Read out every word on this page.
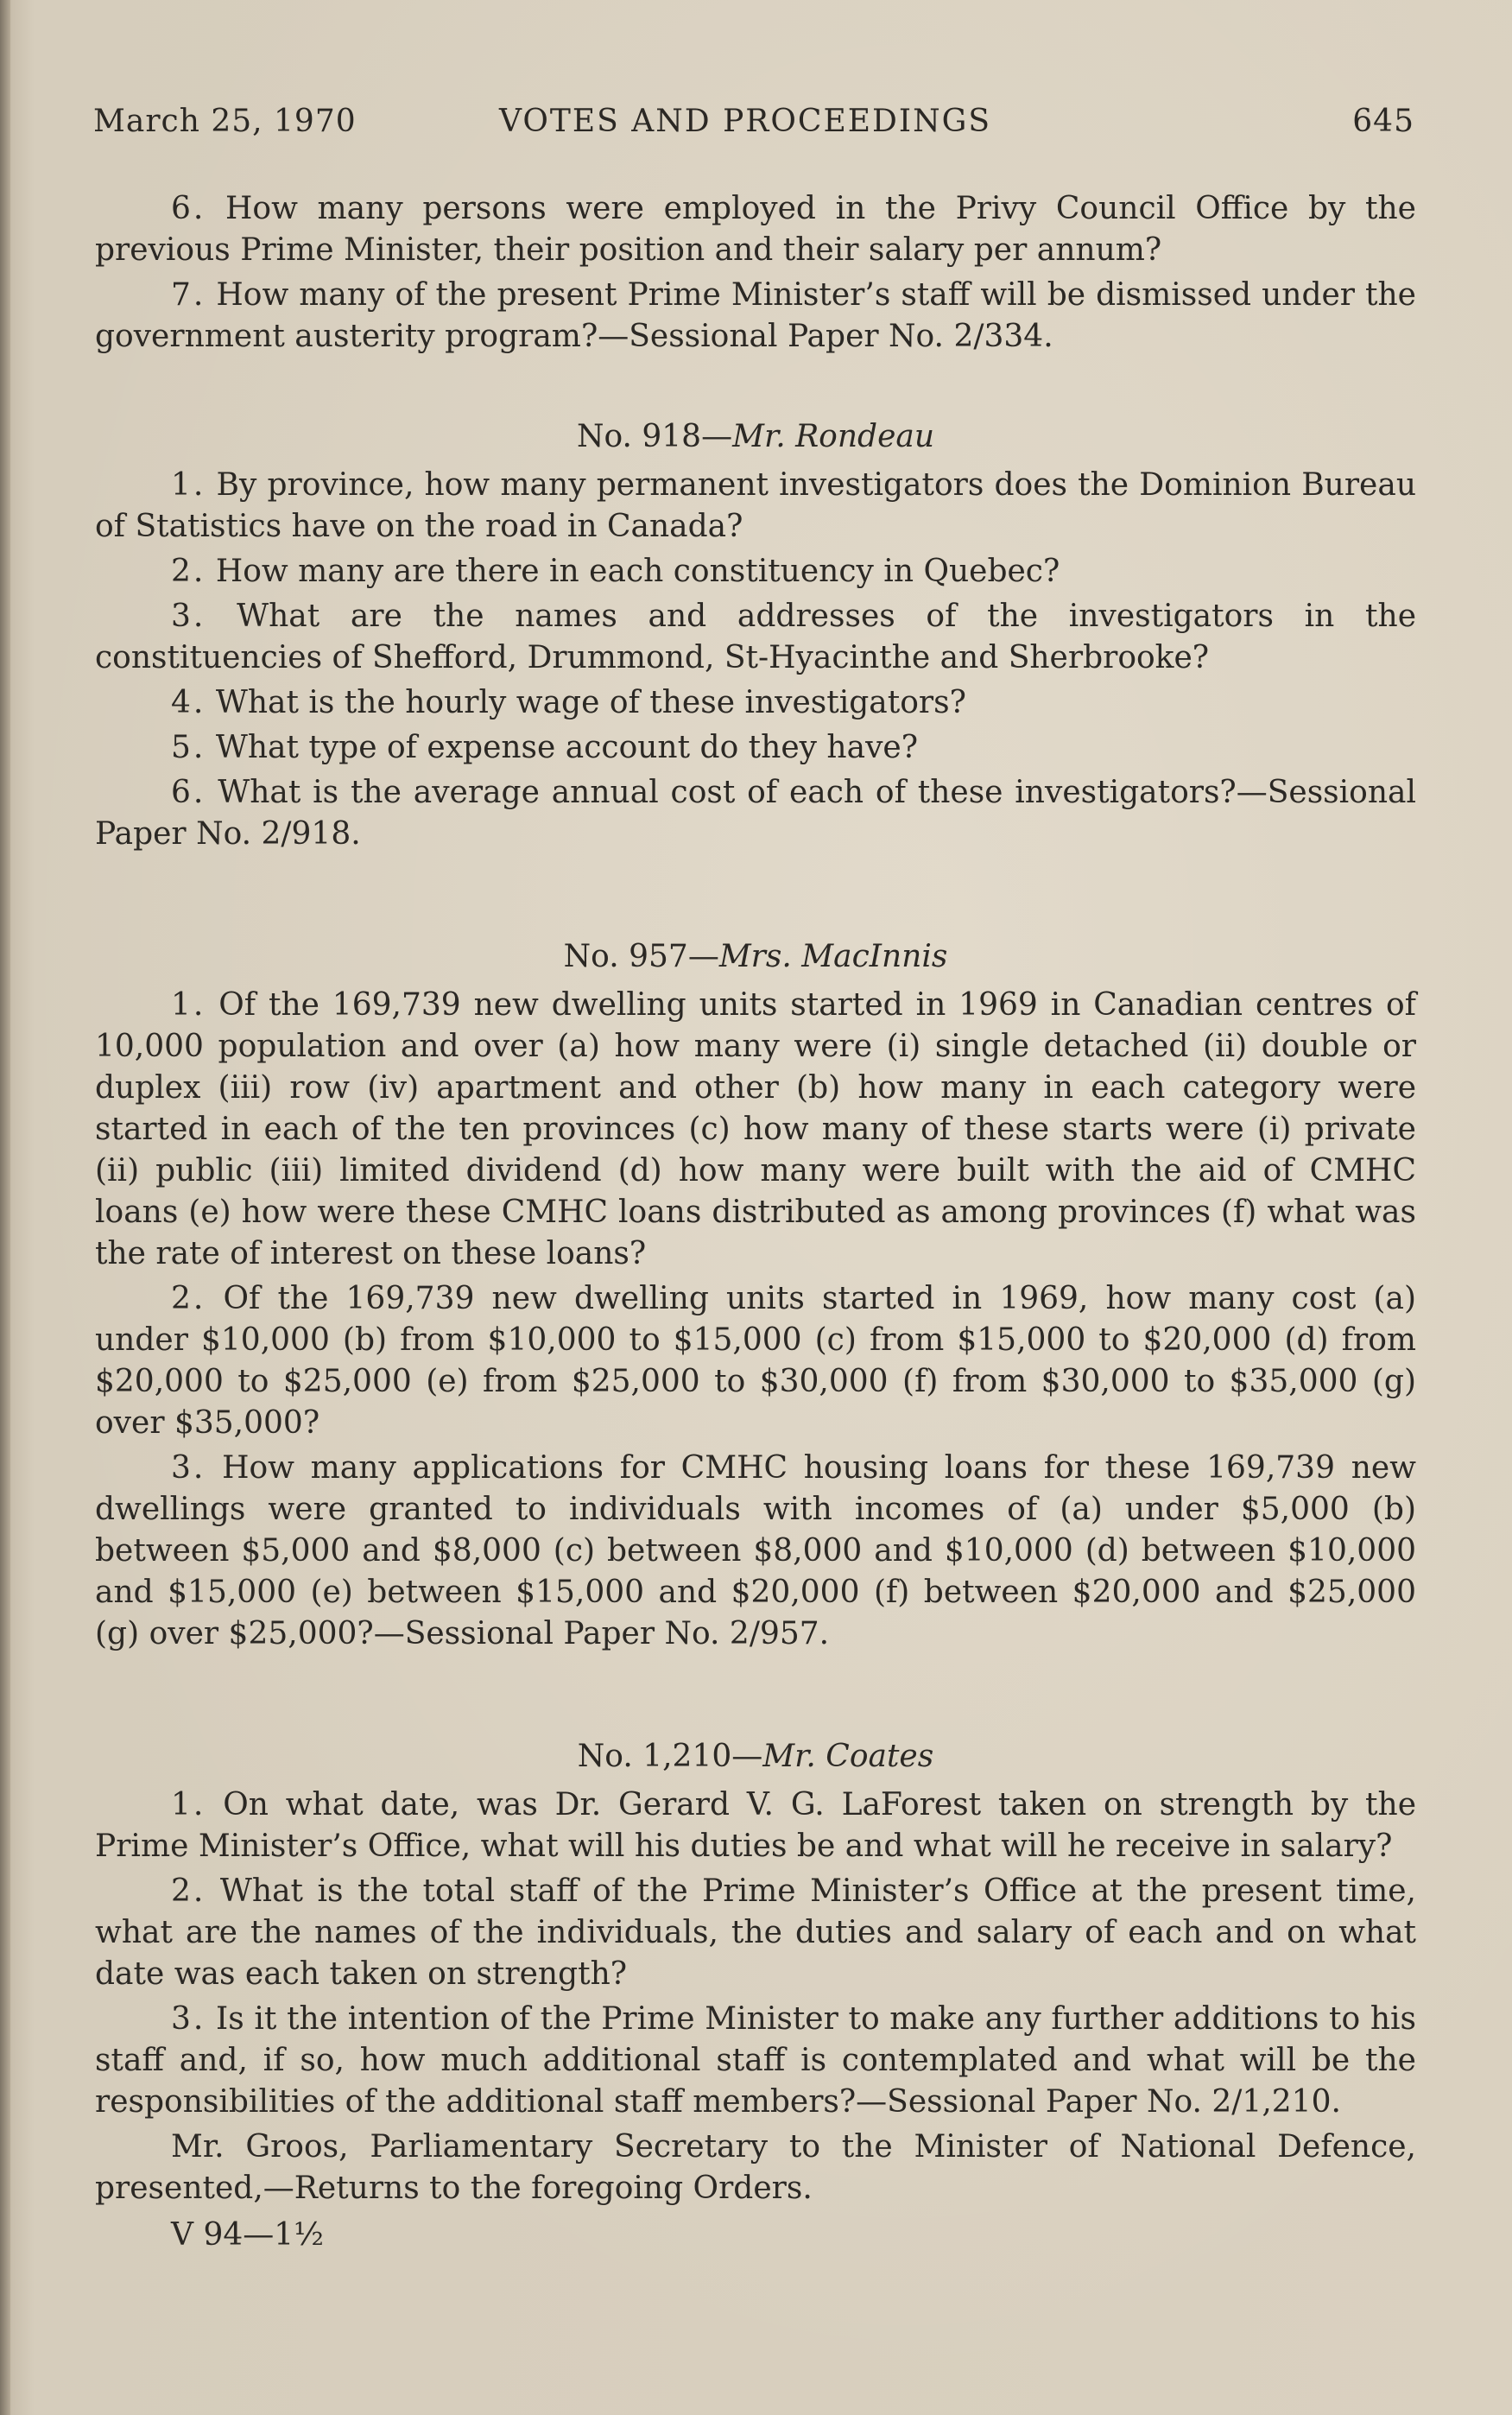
March 25, 1970	VOTES AND PROCEEDINGS	645

6. How many persons were employed in the Privy Council Office by the previous Prime Minister, their position and their salary per annum?

7. How many of the present Prime Minister’s staff will be dismissed under the government austerity program?—Sessional Paper No. 2/334.

No. 918—Mr. Rondeau

1. By province, how many permanent investigators does the Dominion Bureau of Statistics have on the road in Canada?

2. How many are there in each constituency in Quebec?

3. What are the names and addresses of the investigators in the constituencies of Shefford, Drummond, St-Hyacinthe and Sherbrooke?

4. What is the hourly wage of these investigators?

5. What type of expense account do they have?

6. What is the average annual cost of each of these investigators?—Sessional Paper No. 2/918.

No. 957—Mrs. MacInnis

1. Of the 169,739 new dwelling units started in 1969 in Canadian centres of 10,000 population and over (a) how many were (i) single detached (ii) double or duplex (iii) row (iv) apartment and other (b) how many in each category were started in each of the ten provinces (c) how many of these starts were (i) private (ii) public (iii) limited dividend (d) how many were built with the aid of CMHC loans (e) how were these CMHC loans distributed as among provinces (f) what was the rate of interest on these loans?

2. Of the 169,739 new dwelling units started in 1969, how many cost (a) under $10,000 (b) from $10,000 to $15,000 (c) from $15,000 to $20,000 (d) from $20,000 to $25,000 (e) from $25,000 to $30,000 (f) from $30,000 to $35,000 (g) over $35,000?

3. How many applications for CMHC housing loans for these 169,739 new dwellings were granted to individuals with incomes of (a) under $5,000 (b) between $5,000 and $8,000 (c) between $8,000 and $10,000 (d) between $10,000 and $15,000 (e) between $15,000 and $20,000 (f) between $20,000 and $25,000 (g) over $25,000?—Sessional Paper No. 2/957.

No. 1,210—Mr. Coates

1. On what date, was Dr. Gerard V. G. LaForest taken on strength by the Prime Minister’s Office, what will his duties be and what will he receive in salary?

2. What is the total staff of the Prime Minister’s Office at the present time, what are the names of the individuals, the duties and salary of each and on what date was each taken on strength?

3. Is it the intention of the Prime Minister to make any further additions to his staff and, if so, how much additional staff is contemplated and what will be the responsibilities of the additional staff members?—Sessional Paper No. 2/1,210.

Mr. Groos, Parliamentary Secretary to the Minister of National Defence, presented,—Returns to the foregoing Orders.

V 94—1½
